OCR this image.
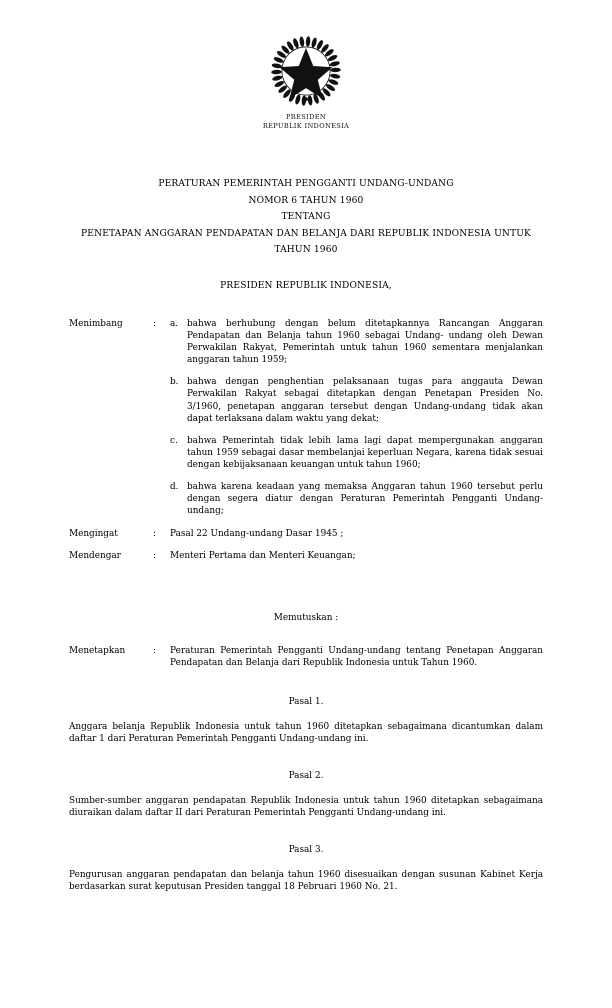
PRESIDEN
REPUBLIK INDONESIA
PERATURAN PEMERINTAH PENGGANTI UNDANG-UNDANG
NOMOR 6 TAHUN 1960
TENTANG
PENETAPAN ANGGARAN PENDAPATAN DAN BELANJA DARI REPUBLIK INDONESIA UNTUK TAHUN 1960
PRESIDEN REPUBLIK INDONESIA,
Menimbang	:	a. bahwa berhubung dengan belum ditetapkannya Rancangan Anggaran Pendapatan dan Belanja tahun 1960 sebagai Undang- undang oleh Dewan Perwakilan Rakyat, Pemerintah untuk tahun 1960 sementara menjalankan anggaran tahun 1959;
b. bahwa dengan penghentian pelaksanaan tugas para anggauta Dewan Perwakilan Rakyat sebagai ditetapkan dengan Penetapan Presiden No. 3/1960, penetapan anggaran tersebut dengan Undang-undang tidak akan dapat terlaksana dalam waktu yang dekat;
c.	bahwa Pemerintah tidak lebih lama lagi dapat mempergunakan anggaran tahun 1959 sebagai dasar membelanjai keperluan Negara, karena tidak sesuai dengan kebijaksanaan keuangan untuk tahun 1960;
d. bahwa karena keadaan yang memaksa Anggaran tahun 1960 tersebut perlu dengan segera diatur dengan Peraturan Pemerintah Pengganti Undang-undang;
Mengingat	:	Pasal 22 Undang-undang Dasar 1945 ;
Mendengar	:	Menteri Pertama dan Menteri Keuangan;
Memutuskan :
Menetapkan	:	Peraturan Pemerintah Pengganti Undang-undang tentang Penetapan Anggaran Pendapatan dan Belanja dari Republik Indonesia untuk Tahun 1960.
Pasal 1.
Anggara belanja Republik Indonesia untuk tahun 1960 ditetapkan sebagaimana dicantumkan dalam daftar 1 dari Peraturan Pemerintah Pengganti Undang-undang ini.
Pasal 2.
Sumber-sumber anggaran pendapatan Republik Indonesia untuk tahun 1960 ditetapkan sebagaimana diuraikan dalam daftar II dari Peraturan Pemerintah Pengganti Undang-undang ini.
Pasal 3.
Pengurusan anggaran pendapatan dan belanja tahun 1960 disesuaikan dengan susunan Kabinet Kerja berdasarkan surat keputusan Presiden tanggal 18 Pebruari 1960 No. 21.
